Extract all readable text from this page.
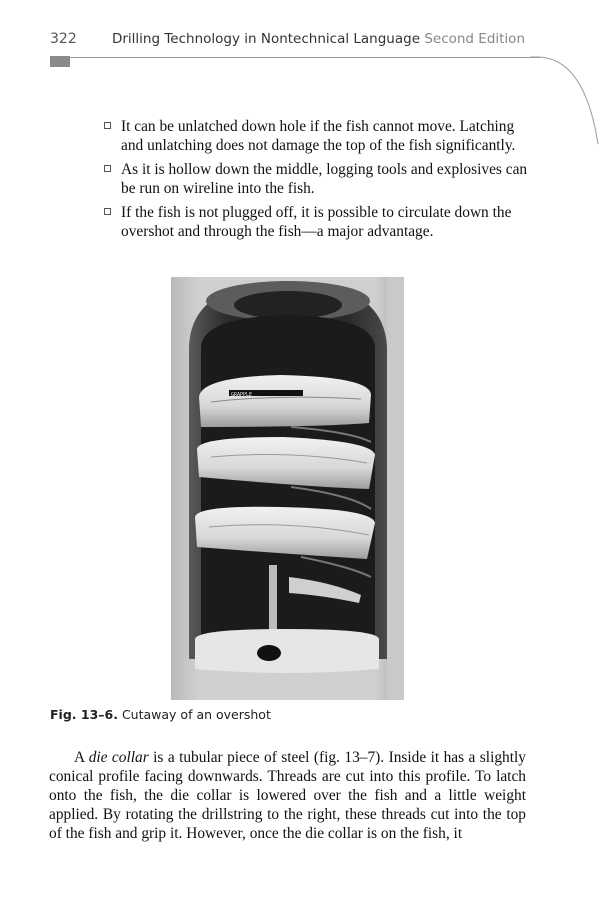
322	Drilling Technology in Nontechnical Language Second Edition
It can be unlatched down hole if the fish cannot move. Latching and unlatching does not damage the top of the fish significantly.
As it is hollow down the middle, logging tools and explosives can be run on wireline into the fish.
If the fish is not plugged off, it is possible to circulate down the overshot and through the fish—a major advantage.
GRAPPLE
Fig. 13–6. Cutaway of an overshot

A die collar is a tubular piece of steel (fig. 13–7). Inside it has a slightly conical profile facing downwards. Threads are cut into this profile. To latch onto the fish, the die collar is lowered over the fish and a little weight applied. By rotating the drillstring to the right, these threads cut into the top of the fish and grip it. However, once the die collar is on the fish, it
